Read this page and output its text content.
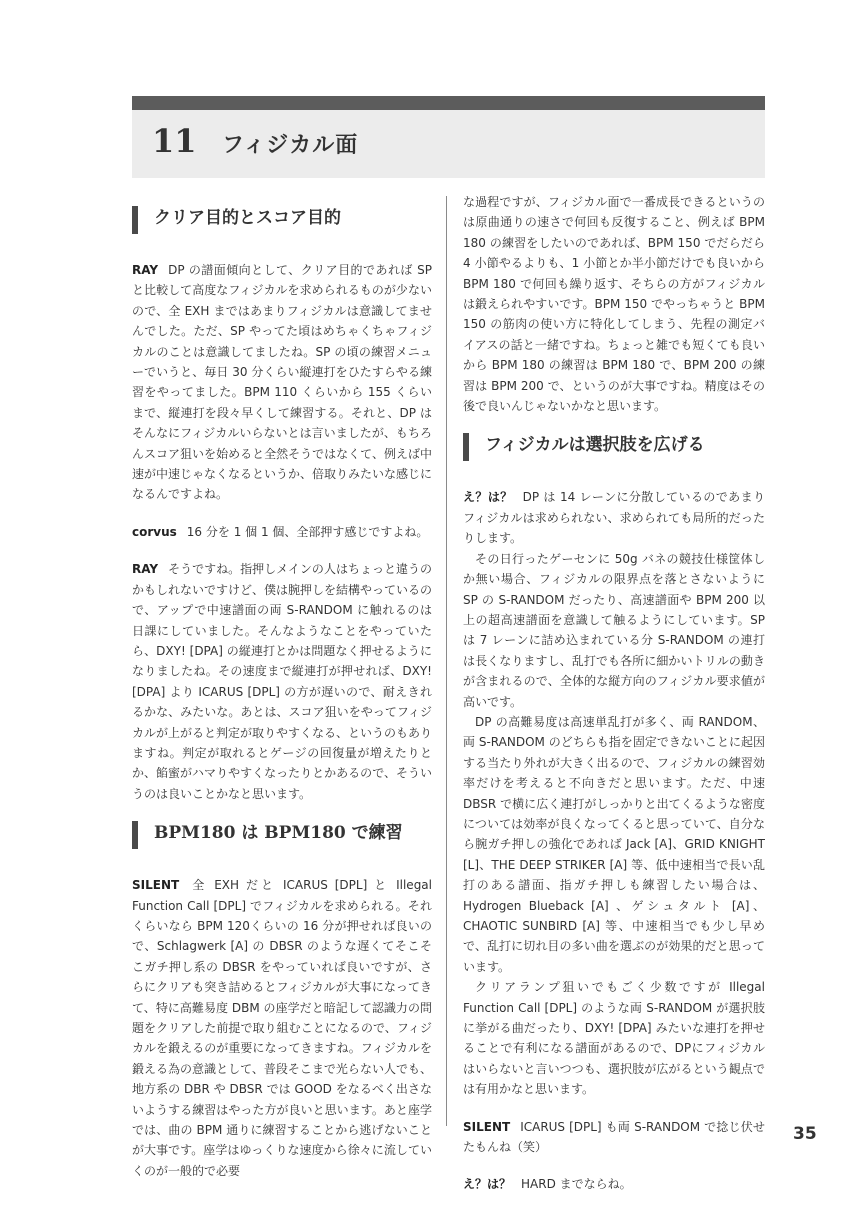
11 フィジカル面
クリア目的とスコア目的

RAY DP の譜面傾向として、クリア目的であれば SP と比較して高度なフィジカルを求められるものが少ないので、全 EXH まではあまりフィジカルは意識してませんでした。ただ、SP やってた頃はめちゃくちゃフィジカルのことは意識してましたね。SP の頃の練習メニューでいうと、毎日 30 分くらい縦連打をひたすらやる練習をやってました。BPM 110 くらいから 155 くらいまで、縦連打を段々早くして練習する。それと、DP はそんなにフィジカルいらないとは言いましたが、もちろんスコア狙いを始めると全然そうではなくて、例えば中速が中速じゃなくなるというか、倍取りみたいな感じになるんですよね。

corvus 16 分を 1 個 1 個、全部押す感じですよね。

RAY そうですね。指押しメインの人はちょっと違うのかもしれないですけど、僕は腕押しを結構やっているので、アップで中速譜面の両 S-RANDOM に触れるのは日課にしていました。そんなようなことをやっていたら、DXY! [DPA] の縦連打とかは問題なく押せるようになりましたね。その速度まで縦連打が押せれば、DXY! [DPA] より ICARUS [DPL] の方が遅いので、耐えきれるかな、みたいな。あとは、スコア狙いをやってフィジカルが上がると判定が取りやすくなる、というのもありますね。判定が取れるとゲージの回復量が増えたりとか、餡蜜がハマりやすくなったりとかあるので、そういうのは良いことかなと思います。

BPM180 は BPM180 で練習

SILENT 全 EXH だと ICARUS [DPL] と Illegal Function Call [DPL] でフィジカルを求められる。それくらいなら BPM 120くらいの 16 分が押せれば良いので、Schlagwerk [A] の DBSR のような遅くてそこそこガチ押し系の DBSR をやっていれば良いですが、さらにクリアも突き詰めるとフィジカルが大事になってきて、特に高難易度 DBM の座学だと暗記して認識力の問題をクリアした前提で取り組むことになるので、フィジカルを鍛えるのが重要になってきますね。フィジカルを鍛える為の意識として、普段そこまで光らない人でも、地方系の DBR や DBSR では GOOD をなるべく出さないようする練習はやった方が良いと思います。あと座学では、曲の BPM 通りに練習することから逃げないことが大事です。座学はゆっくりな速度から徐々に流していくのが一般的で必要

な過程ですが、フィジカル面で一番成長できるというのは原曲通りの速さで何回も反復すること、例えば BPM 180 の練習をしたいのであれば、BPM 150 でだらだら 4 小節やるよりも、1 小節とか半小節だけでも良いから BPM 180 で何回も繰り返す、そちらの方がフィジカルは鍛えられやすいです。BPM 150 でやっちゃうと BPM 150 の筋肉の使い方に特化してしまう、先程の測定バイアスの話と一緒ですね。ちょっと雑でも短くても良いから BPM 180 の練習は BPM 180 で、BPM 200 の練習は BPM 200 で、というのが大事ですね。精度はその後で良いんじゃないかなと思います。

フィジカルは選択肢を広げる

え？は？ DP は 14 レーンに分散しているのであまりフィジカルは求められない、求められても局所的だったりします。

その日行ったゲーセンに 50g バネの競技仕様筐体しか無い場合、フィジカルの限界点を落とさないように SP の S-RANDOM だったり、高速譜面や BPM 200 以上の超高速譜面を意識して触るようにしています。SP は 7 レーンに詰め込まれている分 S-RANDOM の連打は長くなりますし、乱打でも各所に細かいトリルの動きが含まれるので、全体的な縦方向のフィジカル要求値が高いです。

DP の高難易度は高速単乱打が多く、両 RANDOM、両 S-RANDOM のどちらも指を固定できないことに起因する当たり外れが大きく出るので、フィジカルの練習効率だけを考えると不向きだと思います。ただ、中速 DBSR で横に広く連打がしっかりと出てくるような密度については効率が良くなってくると思っていて、自分なら腕ガチ押しの強化であれば Jack [A]、GRID KNIGHT [L]、THE DEEP STRIKER [A] 等、低中速相当で長い乱打のある譜面、指ガチ押しも練習したい場合は、Hydrogen Blueback [A] 、ゲシュタルト [A]、CHAOTIC SUNBIRD [A] 等、中速相当でも少し早めで、乱打に切れ目の多い曲を選ぶのが効果的だと思っています。

クリアランプ狙いでもごく少数ですが Illegal Function Call [DPL] のような両 S-RANDOM が選択肢に挙がる曲だったり、DXY! [DPA] みたいな連打を押せることで有利になる譜面があるので、DPにフィジカルはいらないと言いつつも、選択肢が広がるという観点では有用かなと思います。

SILENT ICARUS [DPL] も両 S-RANDOM で捻じ伏せたもんね（笑）

え？は？ HARD までならね。

35
